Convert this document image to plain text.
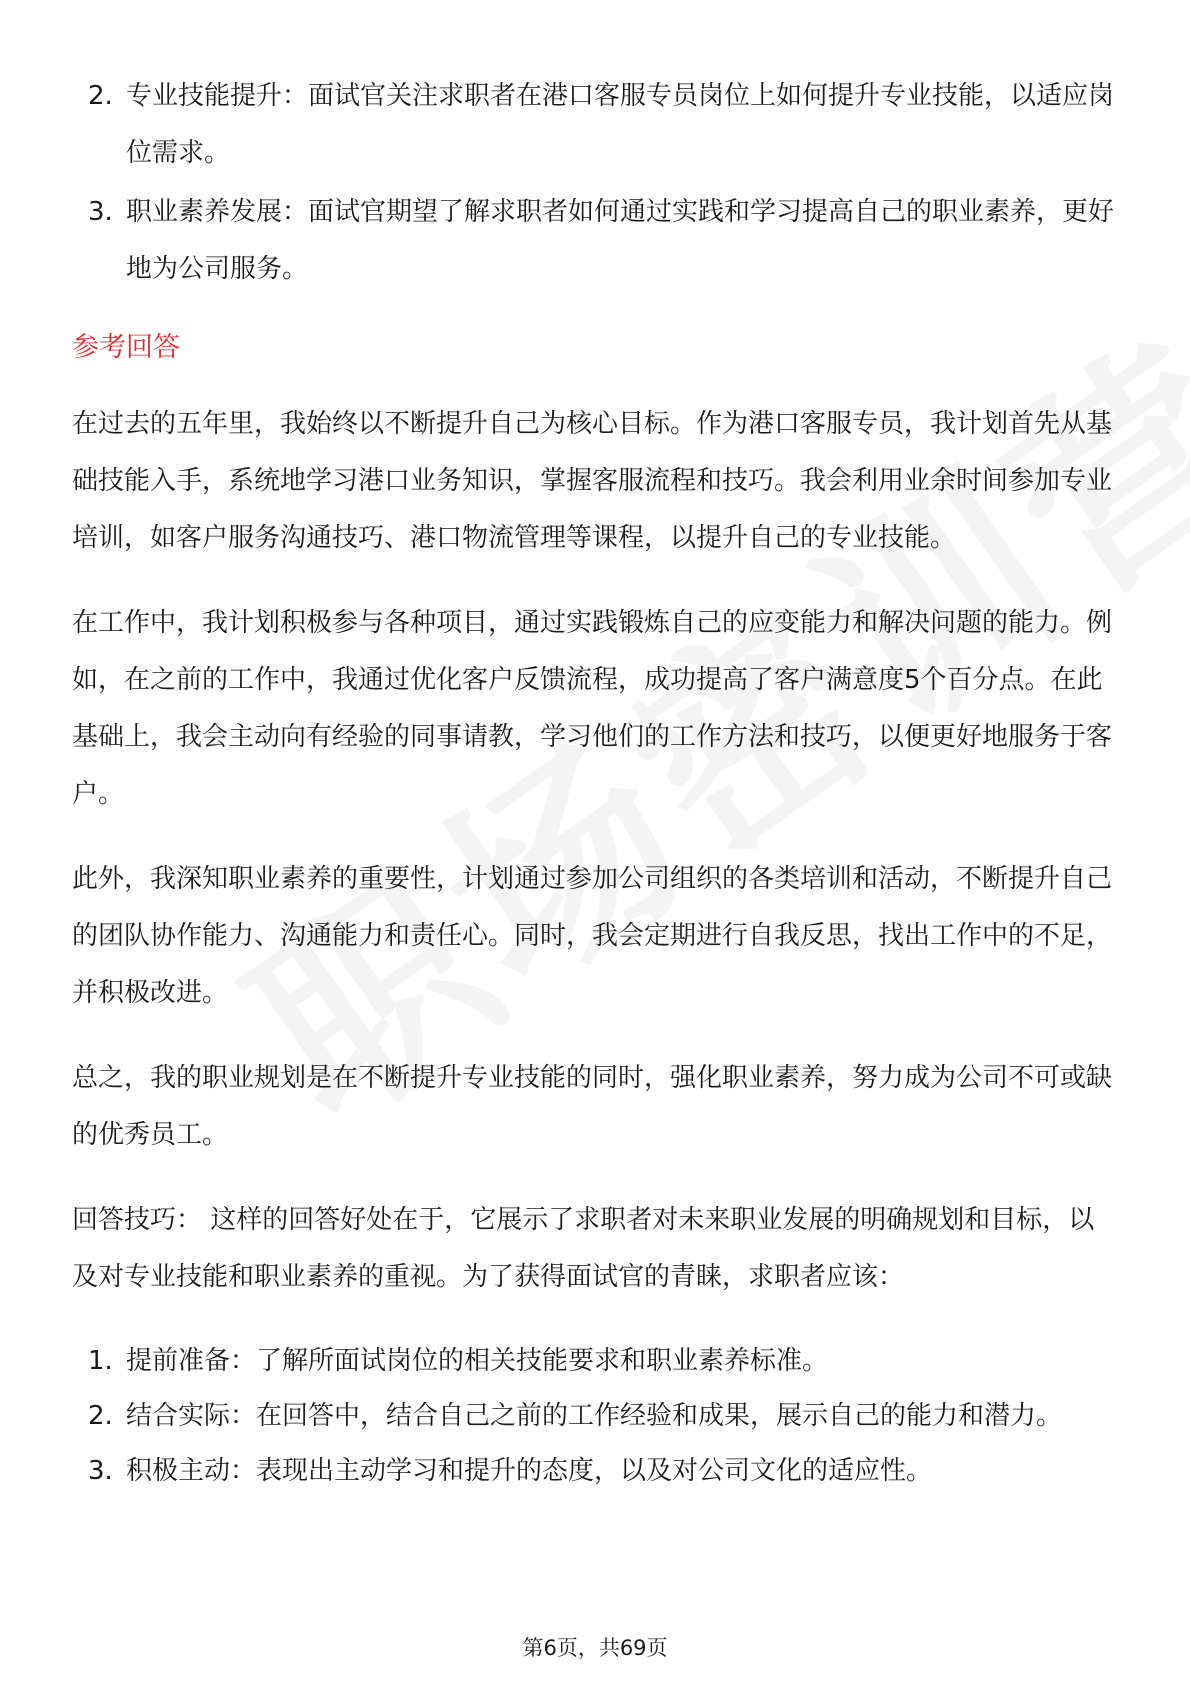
2. 专业技能提升：面试官关注求职者在港口客服专员岗位上如何提升专业技能，以适应岗位需求。
3. 职业素养发展：面试官期望了解求职者如何通过实践和学习提高自己的职业素养，更好地为公司服务。
参考回答

在过去的五年里，我始终以不断提升自己为核心目标。作为港口客服专员，我计划首先从基础技能入手，系统地学习港口业务知识，掌握客服流程和技巧。我会利用业余时间参加专业培训，如客户服务沟通技巧、港口物流管理等课程，以提升自己的专业技能。

在工作中，我计划积极参与各种项目，通过实践锻炼自己的应变能力和解决问题的能力。例如，在之前的工作中，我通过优化客户反馈流程，成功提高了客户满意度5个百分点。在此基础上，我会主动向有经验的同事请教，学习他们的工作方法和技巧，以便更好地服务于客户。

此外，我深知职业素养的重要性，计划通过参加公司组织的各类培训和活动，不断提升自己的团队协作能力、沟通能力和责任心。同时，我会定期进行自我反思，找出工作中的不足，并积极改进。

总之，我的职业规划是在不断提升专业技能的同时，强化职业素养，努力成为公司不可或缺的优秀员工。

回答技巧： 这样的回答好处在于，它展示了求职者对未来职业发展的明确规划和目标，以及对专业技能和职业素养的重视。为了获得面试官的青睐，求职者应该：

1. 提前准备：了解所面试岗位的相关技能要求和职业素养标准。
2. 结合实际：在回答中，结合自己之前的工作经验和成果，展示自己的能力和潜力。
3. 积极主动：表现出主动学习和提升的态度，以及对公司文化的适应性。
第6页，共69页
